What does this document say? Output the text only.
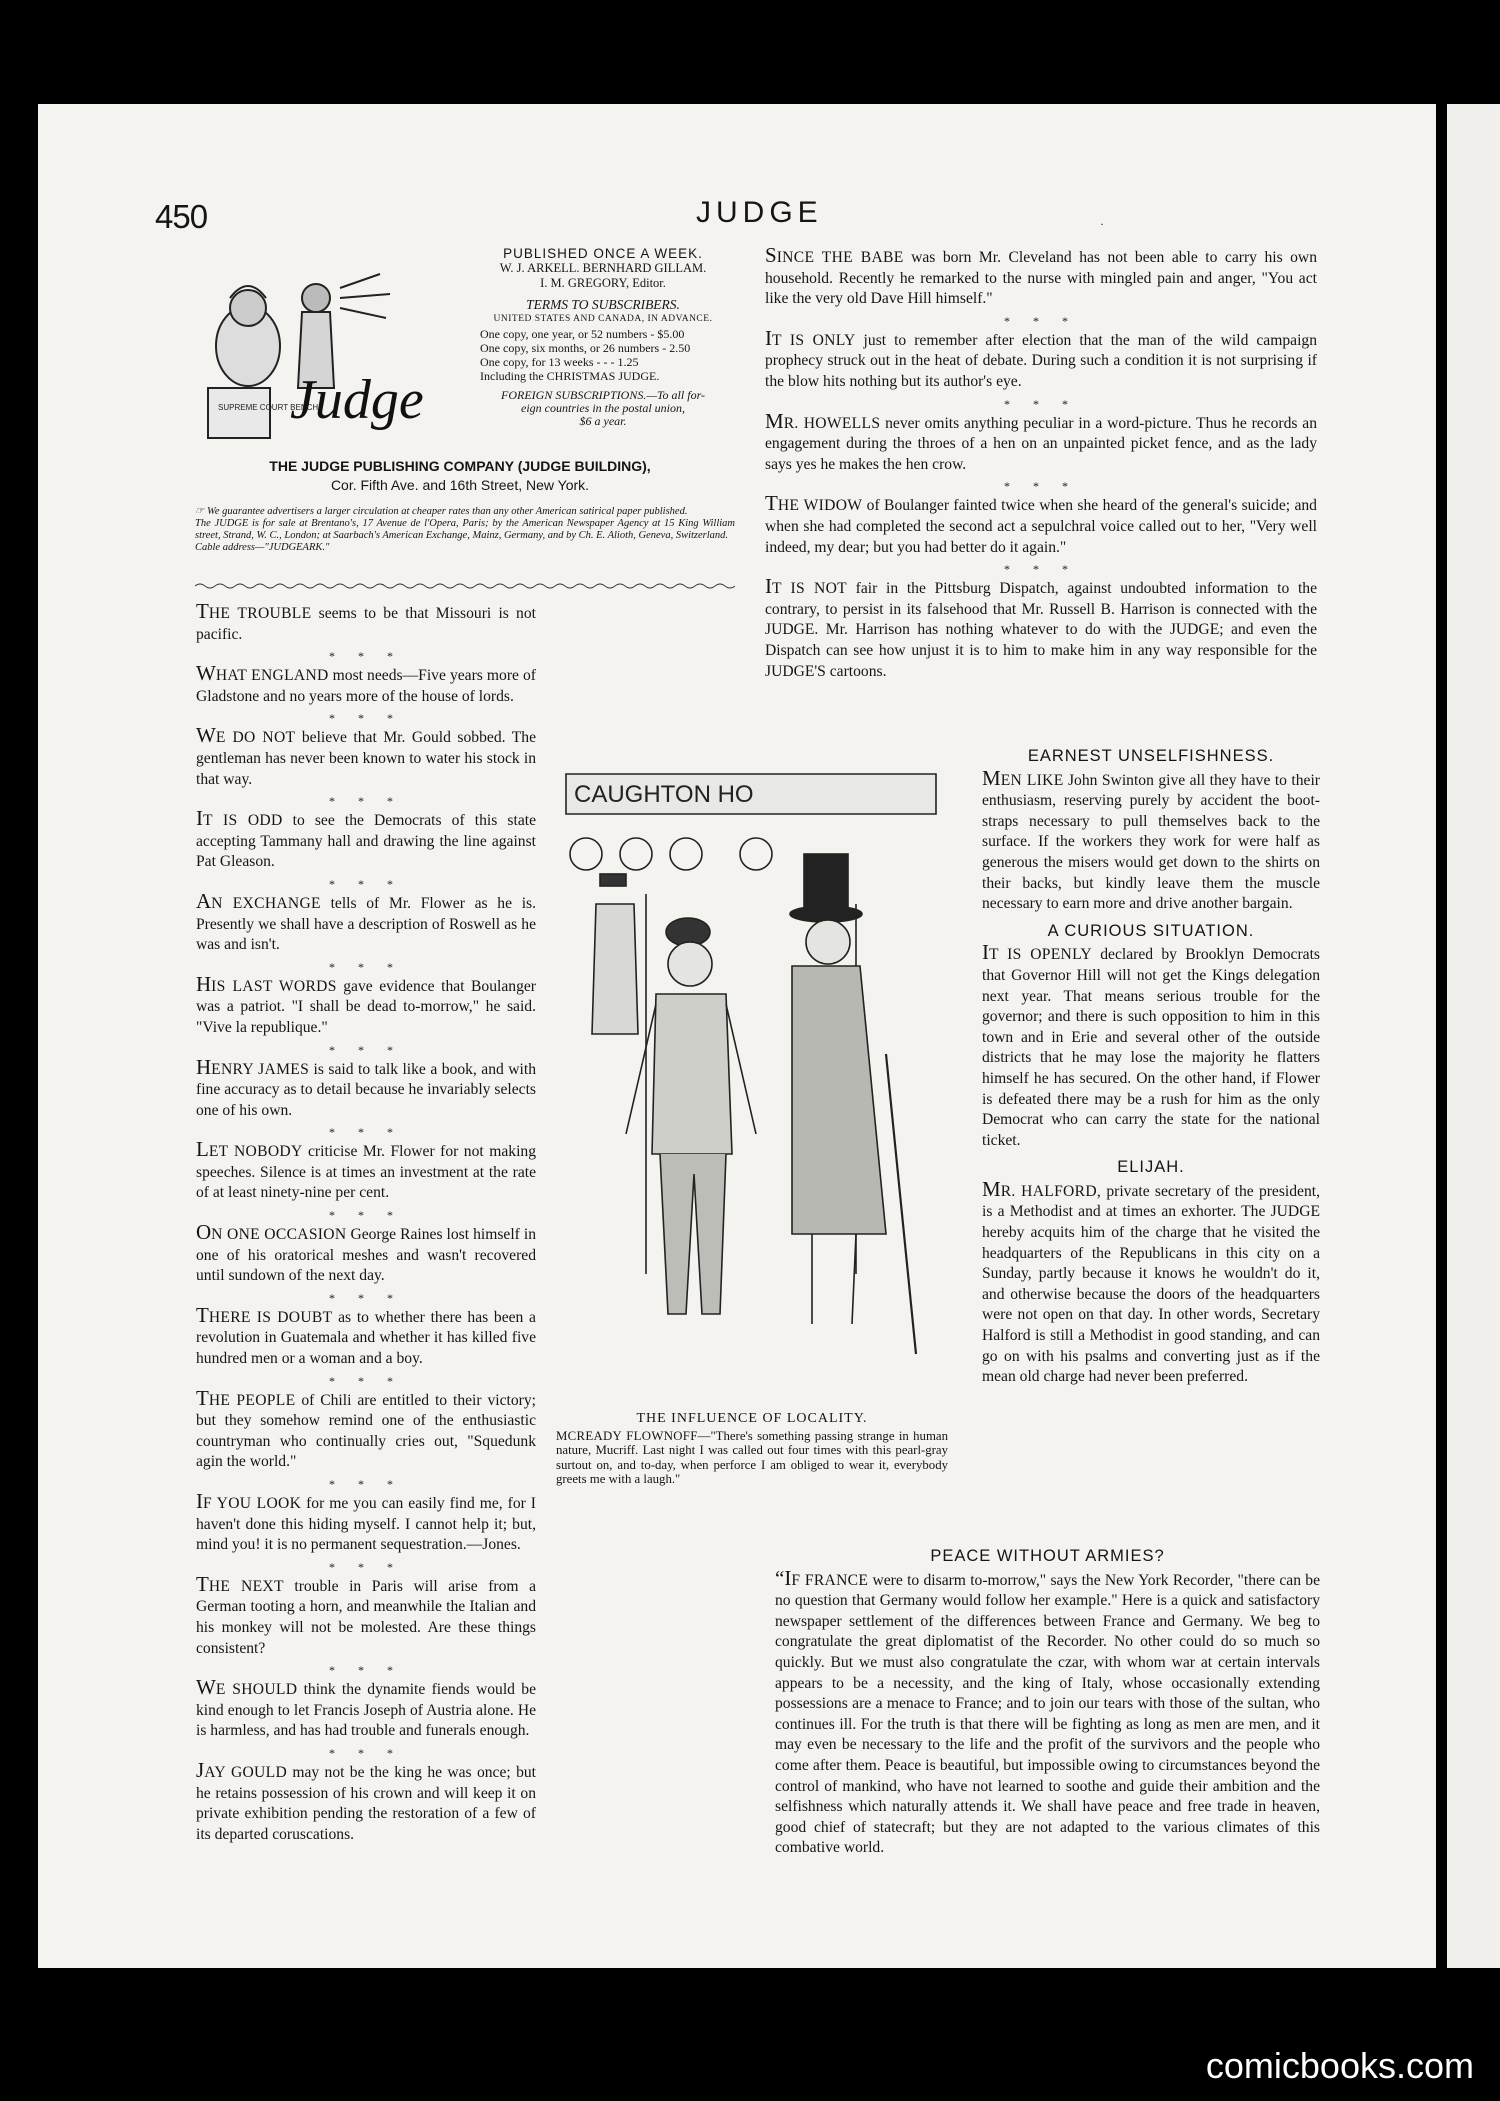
450	JUDGE	·
SUPREME COURT BENCH
Judge
PUBLISHED ONCE A WEEK.
W. J. ARKELL. BERNHARD GILLAM.
I. M. GREGORY, Editor.
TERMS TO SUBSCRIBERS.
UNITED STATES AND CANADA, IN ADVANCE.
One copy, one year, or 52 numbers - $5.00
One copy, six months, or 26 numbers - 2.50
One copy, for 13 weeks - - - 1.25
Including the CHRISTMAS JUDGE.
FOREIGN SUBSCRIPTIONS.—To all for-
eign countries in the postal union,
$6 a year.
THE JUDGE PUBLISHING COMPANY (JUDGE BUILDING),
Cor. Fifth Ave. and 16th Street, New York.
☞ We guarantee advertisers a larger circulation at cheaper rates than any other American satirical paper published.
The JUDGE is for sale at Brentano's, 17 Avenue de l'Opera, Paris; by the American Newspaper Agency at 15 King William street, Strand, W. C., London; at Saarbach's American Exchange, Mainz, Germany, and by Ch. E. Alioth, Geneva, Switzerland.
Cable address—"JUDGEARK."

THE TROUBLE seems to be that Missouri is not pacific.

* * *

WHAT ENGLAND most needs—Five years more of Gladstone and no years more of the house of lords.

* * *

WE DO NOT believe that Mr. Gould sobbed. The gentleman has never been known to water his stock in that way.

* * *

IT IS ODD to see the Democrats of this state accepting Tammany hall and drawing the line against Pat Gleason.

* * *

AN EXCHANGE tells of Mr. Flower as he is. Presently we shall have a description of Roswell as he was and isn't.

* * *

HIS LAST WORDS gave evidence that Boulanger was a patriot. "I shall be dead to-morrow," he said. "Vive la republique."

* * *

HENRY JAMES is said to talk like a book, and with fine accuracy as to detail because he invariably selects one of his own.

* * *

LET NOBODY criticise Mr. Flower for not making speeches. Silence is at times an investment at the rate of at least ninety-nine per cent.

* * *

ON ONE OCCASION George Raines lost himself in one of his oratorical meshes and wasn't recovered until sundown of the next day.

* * *

THERE IS DOUBT as to whether there has been a revolution in Guatemala and whether it has killed five hundred men or a woman and a boy.

* * *

THE PEOPLE of Chili are entitled to their victory; but they somehow remind one of the enthusiastic countryman who continually cries out, "Squedunk agin the world."

* * *

IF YOU LOOK for me you can easily find me, for I haven't done this hiding myself. I cannot help it; but, mind you! it is no permanent sequestration.—Jones.

* * *

THE NEXT trouble in Paris will arise from a German tooting a horn, and meanwhile the Italian and his monkey will not be molested. Are these things consistent?

* * *

WE SHOULD think the dynamite fiends would be kind enough to let Francis Joseph of Austria alone. He is harmless, and has had trouble and funerals enough.

* * *

JAY GOULD may not be the king he was once; but he retains possession of his crown and will keep it on private exhibition pending the restoration of a few of its departed coruscations.

SINCE THE BABE was born Mr. Cleveland has not been able to carry his own household. Recently he remarked to the nurse with mingled pain and anger, "You act like the very old Dave Hill himself."

* * *

IT IS ONLY just to remember after election that the man of the wild campaign prophecy struck out in the heat of debate. During such a condition it is not surprising if the blow hits nothing but its author's eye.

* * *

MR. HOWELLS never omits anything peculiar in a word-picture. Thus he records an engagement during the throes of a hen on an unpainted picket fence, and as the lady says yes he makes the hen crow.

* * *

THE WIDOW of Boulanger fainted twice when she heard of the general's suicide; and when she had completed the second act a sepulchral voice called out to her, "Very well indeed, my dear; but you had better do it again."

* * *

IT IS NOT fair in the Pittsburg Dispatch, against undoubted information to the contrary, to persist in its falsehood that Mr. Russell B. Harrison is connected with the JUDGE. Mr. Harrison has nothing whatever to do with the JUDGE; and even the Dispatch can see how unjust it is to him to make him in any way responsible for the JUDGE'S cartoons.

CAUGHTON HO
THE INFLUENCE OF LOCALITY.
MCREADY FLOWNOFF—"There's something passing strange in human nature, Mucriff. Last night I was called out four times with this pearl-gray surtout on, and to-day, when perforce I am obliged to wear it, everybody greets me with a laugh."
EARNEST UNSELFISHNESS.

MEN LIKE John Swinton give all they have to their enthusiasm, reserving purely by accident the boot-straps necessary to pull themselves back to the surface. If the workers they work for were half as generous the misers would get down to the shirts on their backs, but kindly leave them the muscle necessary to earn more and drive another bargain.

A CURIOUS SITUATION.

IT IS OPENLY declared by Brooklyn Democrats that Governor Hill will not get the Kings delegation next year. That means serious trouble for the governor; and there is such opposition to him in this town and in Erie and several other of the outside districts that he may lose the majority he flatters himself he has secured. On the other hand, if Flower is defeated there may be a rush for him as the only Democrat who can carry the state for the national ticket.

ELIJAH.

MR. HALFORD, private secretary of the president, is a Methodist and at times an exhorter. The JUDGE hereby acquits him of the charge that he visited the headquarters of the Republicans in this city on a Sunday, partly because it knows he wouldn't do it, and otherwise because the doors of the headquarters were not open on that day. In other words, Secretary Halford is still a Methodist in good standing, and can go on with his psalms and converting just as if the mean old charge had never been preferred.

PEACE WITHOUT ARMIES?

“IF FRANCE were to disarm to-morrow," says the New York Recorder, "there can be no question that Germany would follow her example." Here is a quick and satisfactory newspaper settlement of the differences between France and Germany. We beg to congratulate the great diplomatist of the Recorder. No other could do so much so quickly. But we must also congratulate the czar, with whom war at certain intervals appears to be a necessity, and the king of Italy, whose occasionally extending possessions are a menace to France; and to join our tears with those of the sultan, who continues ill. For the truth is that there will be fighting as long as men are men, and it may even be necessary to the life and the profit of the survivors and the people who come after them. Peace is beautiful, but impossible owing to circumstances beyond the control of mankind, who have not learned to soothe and guide their ambition and the selfishness which naturally attends it. We shall have peace and free trade in heaven, good chief of statecraft; but they are not adapted to the various climates of this combative world.

comicbooks.com
